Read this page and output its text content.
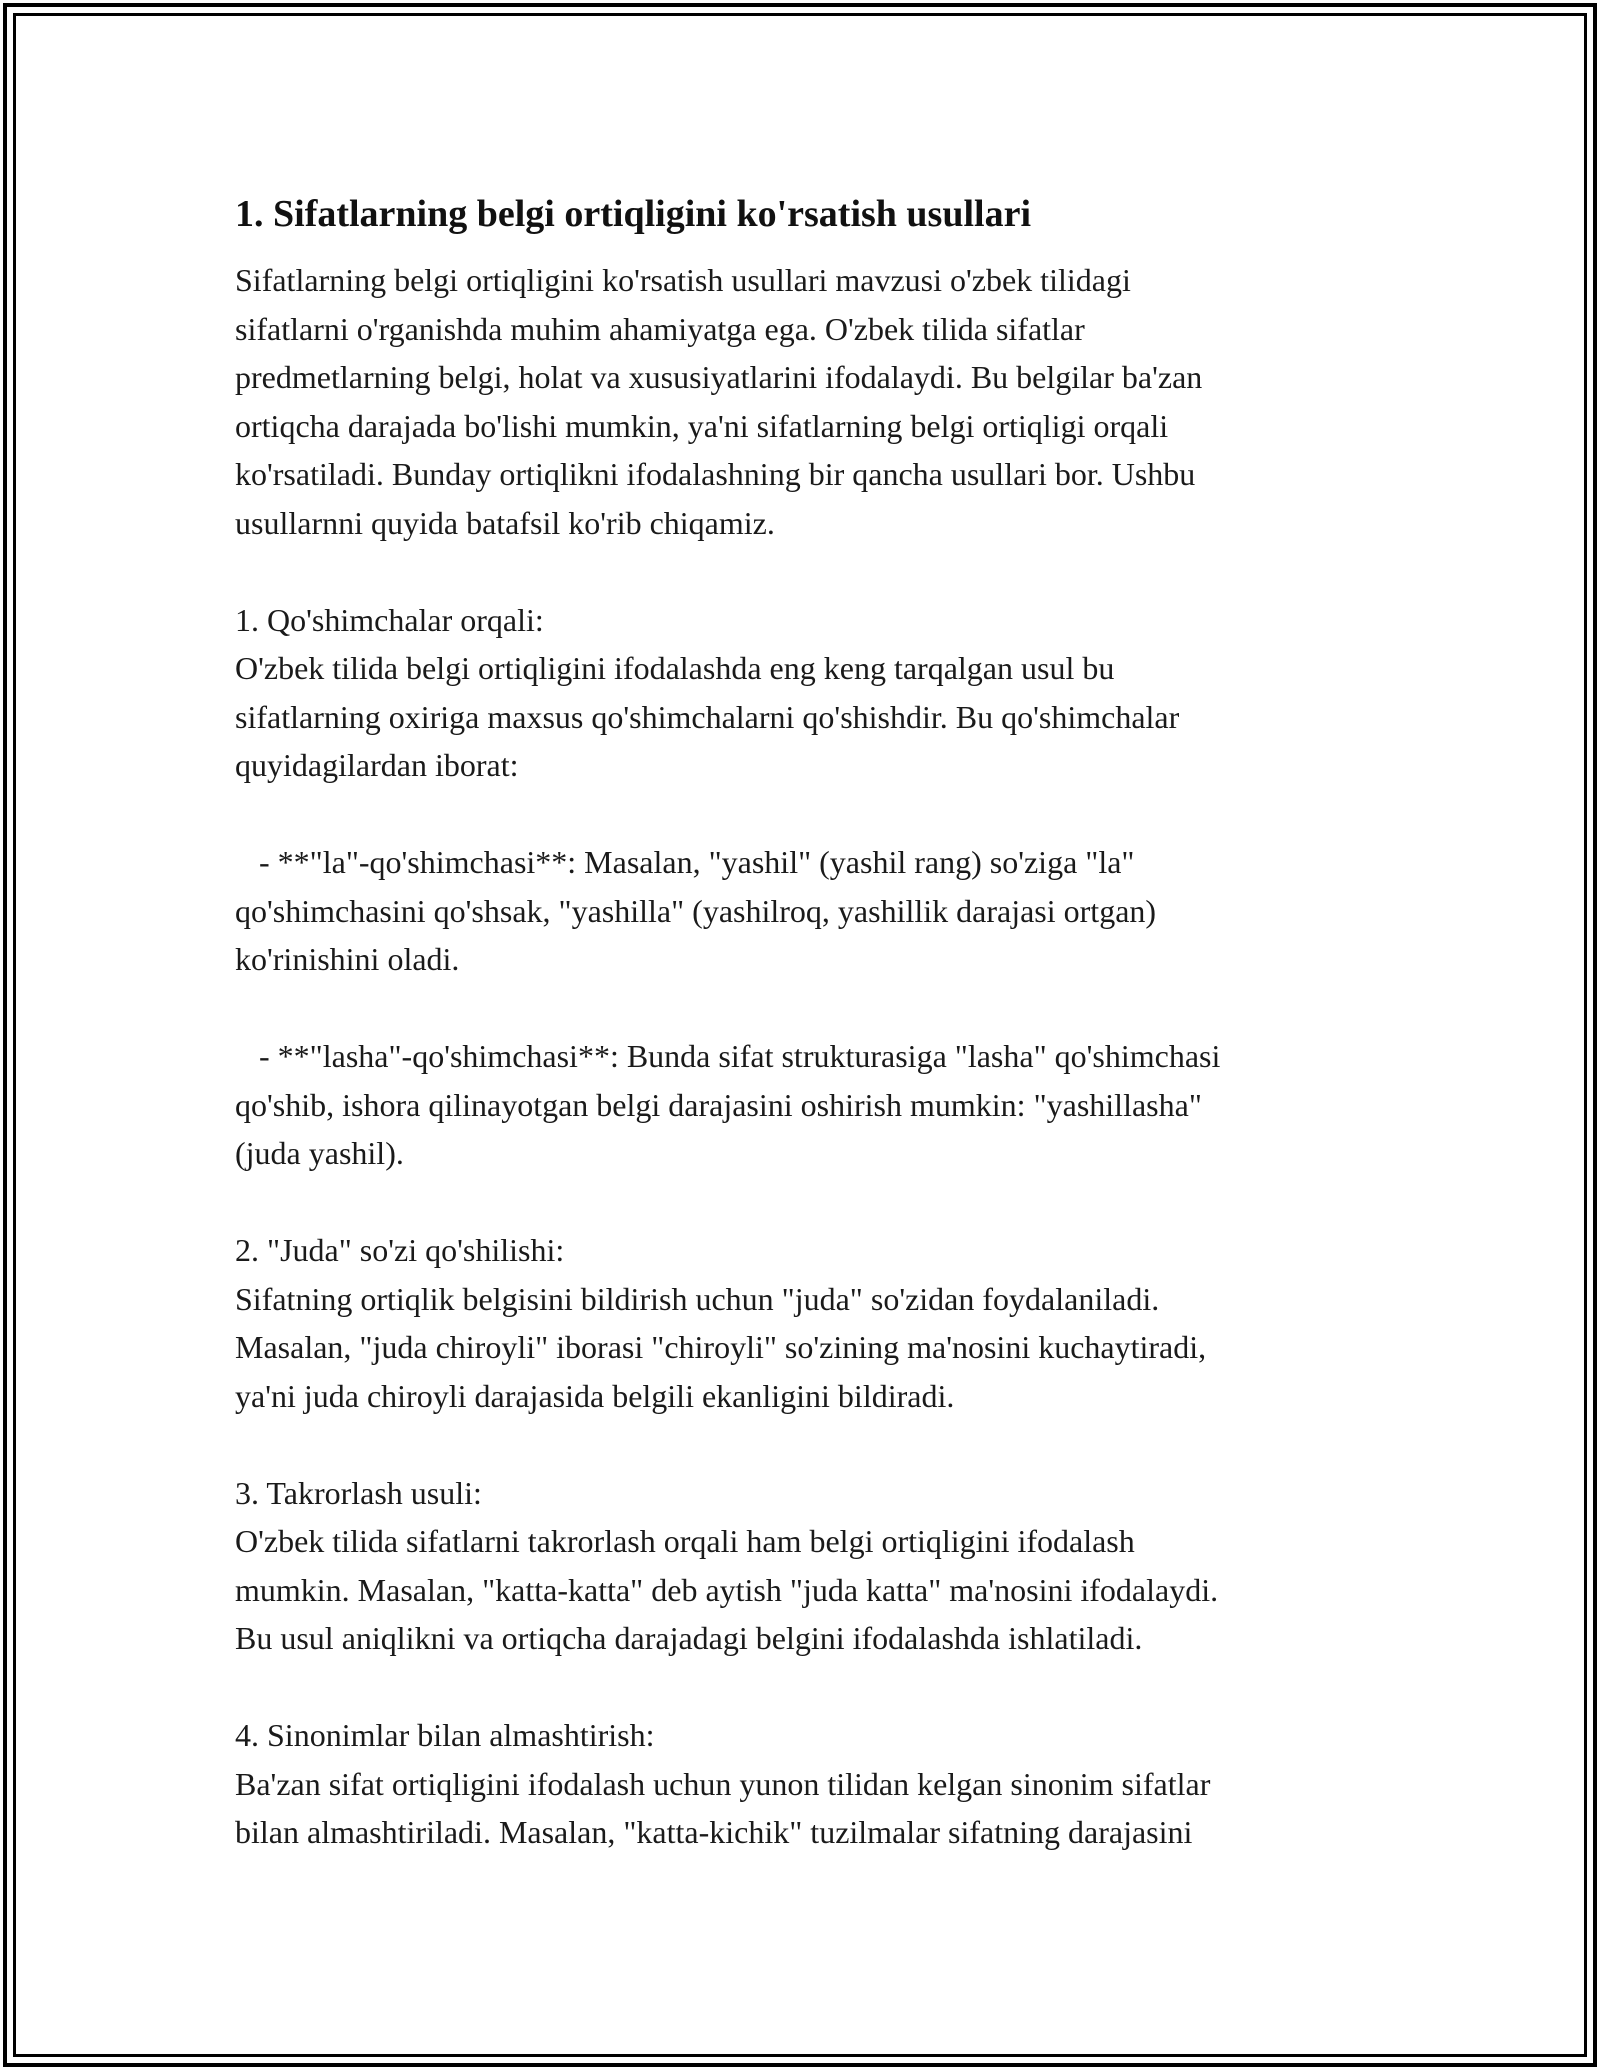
1. Sifatlarning belgi ortiqligini ko'rsatish usullari

Sifatlarning belgi ortiqligini ko'rsatish usullari mavzusi o'zbek tilidagi
sifatlarni o'rganishda muhim ahamiyatga ega. O'zbek tilida sifatlar
predmetlarning belgi, holat va xususiyatlarini ifodalaydi. Bu belgilar ba'zan
ortiqcha darajada bo'lishi mumkin, ya'ni sifatlarning belgi ortiqligi orqali
ko'rsatiladi. Bunday ortiqlikni ifodalashning bir qancha usullari bor. Ushbu
usullarnni quyida batafsil ko'rib chiqamiz.

1. Qo'shimchalar orqali:

O'zbek tilida belgi ortiqligini ifodalashda eng keng tarqalgan usul bu
sifatlarning oxiriga maxsus qo'shimchalarni qo'shishdir. Bu qo'shimchalar
quyidagilardan iborat:

- **"la"-qo'shimchasi**: Masalan, "yashil" (yashil rang) so'ziga "la"
qo'shimchasini qo'shsak, "yashilla" (yashilroq, yashillik darajasi ortgan)
ko'rinishini oladi.

- **"lasha"-qo'shimchasi**: Bunda sifat strukturasiga "lasha" qo'shimchasi
qo'shib, ishora qilinayotgan belgi darajasini oshirish mumkin: "yashillasha"
(juda yashil).

2. "Juda" so'zi qo'shilishi:

Sifatning ortiqlik belgisini bildirish uchun "juda" so'zidan foydalaniladi.
Masalan, "juda chiroyli" iborasi "chiroyli" so'zining ma'nosini kuchaytiradi,
ya'ni juda chiroyli darajasida belgili ekanligini bildiradi.

3. Takrorlash usuli:

O'zbek tilida sifatlarni takrorlash orqali ham belgi ortiqligini ifodalash
mumkin. Masalan, "katta-katta" deb aytish "juda katta" ma'nosini ifodalaydi.
Bu usul aniqlikni va ortiqcha darajadagi belgini ifodalashda ishlatiladi.

4. Sinonimlar bilan almashtirish:

Ba'zan sifat ortiqligini ifodalash uchun yunon tilidan kelgan sinonim sifatlar
bilan almashtiriladi. Masalan, "katta-kichik" tuzilmalar sifatning darajasini
